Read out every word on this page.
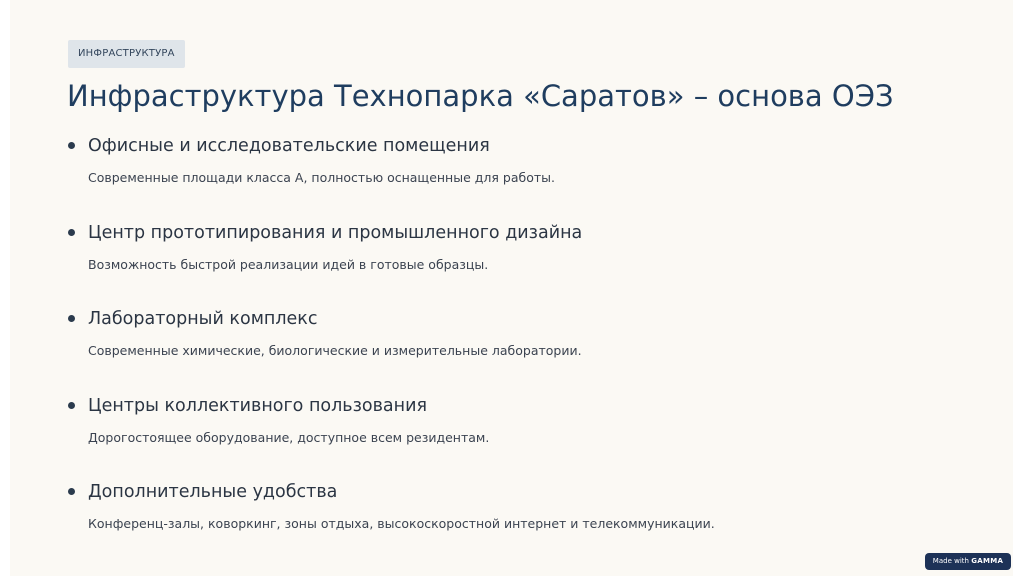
ИНФРАСТРУКТУРА
Инфраструктура Технопарка «Саратов» – основа ОЭЗ
Офисные и исследовательские помещения
Современные площади класса А, полностью оснащенные для работы.
Центр прототипирования и промышленного дизайна
Возможность быстрой реализации идей в готовые образцы.
Лабораторный комплекс
Современные химические, биологические и измерительные лаборатории.
Центры коллективного пользования
Дорогостоящее оборудование, доступное всем резидентам.
Дополнительные удобства
Конференц-залы, коворкинг, зоны отдыха, высокоскоростной интернет и телекоммуникации.
Made with GAMMA
